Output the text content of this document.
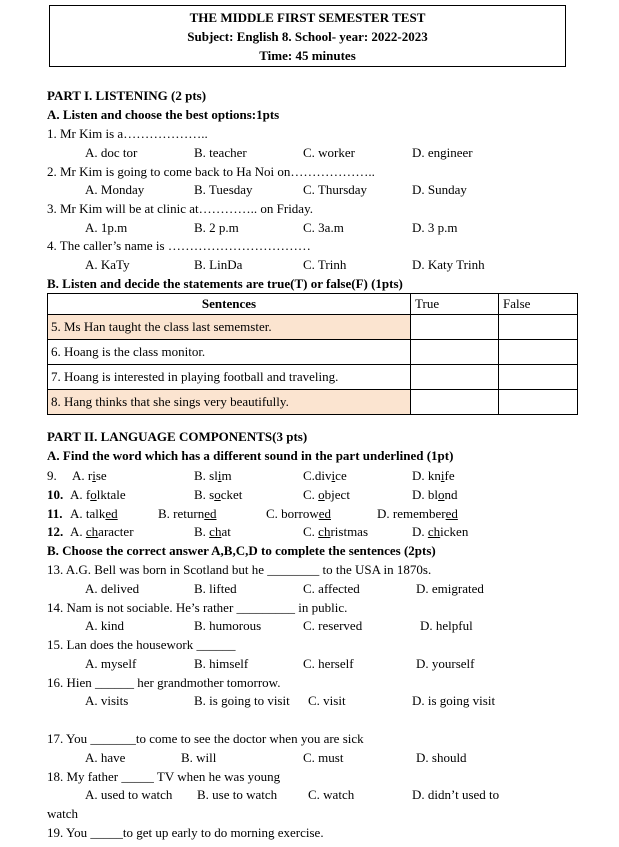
THE MIDDLE FIRST SEMESTER TEST
Subject: English 8. School- year: 2022-2023
Time: 45 minutes
PART I. LISTENING (2 pts)
A. Listen and choose the best options:1pts
1. Mr Kim is a………………..
A. doc tor	B. teacher	C. worker	D. engineer
2. Mr Kim is going to come back to Ha Noi on………………..
A. Monday	B. Tuesday	C. Thursday	D. Sunday
3. Mr Kim will be at clinic at………….. on Friday.
A. 1p.m	B. 2 p.m	C. 3a.m	D. 3 p.m
4. The caller’s name is ……………………………
A. KaTy	B. LinDa	C. Trinh	D. Katy Trinh
B. Listen and decide the statements are true(T) or false(F) (1pts)
Sentences	True	False
5. Ms Han taught the class last sememster.		
6. Hoang is the class monitor.		
7. Hoang is interested in playing football and traveling.		
8. Hang thinks that she sings very beautifully.		
PART II. LANGUAGE COMPONENTS(3 pts)
A. Find the word which has a different sound in the part underlined (1pt)
9. A. rise	B. slim	C.divice	D. knife
10. A. folktale	B. socket	C. object	D. blond
11. A. talked	B. returned	C. borrowed	D. remembered
12. A. character	B. chat	C. christmas	D. chicken
B. Choose the correct answer A,B,C,D to complete the sentences (2pts)
13. A.G. Bell was born in Scotland but he ________ to the USA in 1870s.
A. delived	B. lifted	C. affected	D. emigrated
14. Nam is not sociable. He’s rather _________ in public.
A. kind	B. humorous	C. reserved	D. helpful
15. Lan does the housework ______
A. myself	B. himself	C. herself	D. yourself
16. Hien ______ her grandmother tomorrow.
A. visits	B. is going to visit C. visit	D. is going visit
17. You _______to come to see the doctor when you are sick
A. have	B. will	C. must	D. should
18. My father _____ TV when he was young
A. used to watch B. use to watch C. watch	D. didn’t used to
watch
19. You _____to get up early to do morning exercise.
